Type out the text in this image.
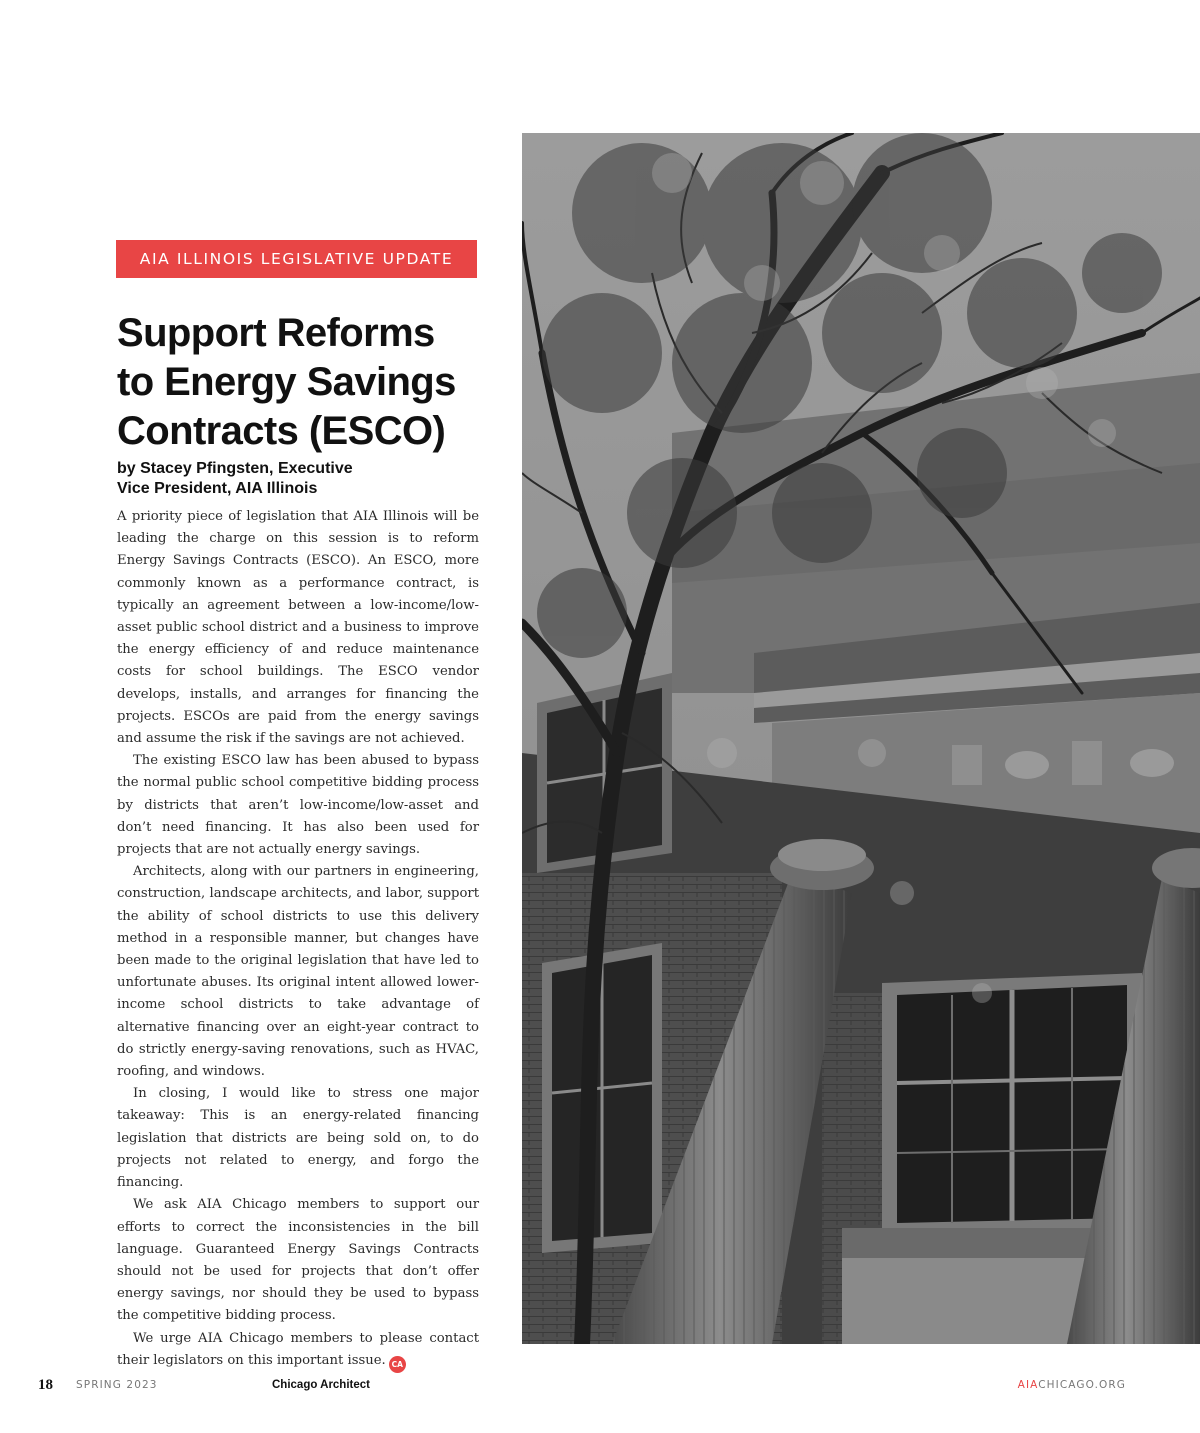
AIA ILLINOIS LEGISLATIVE UPDATE
Support Reforms
to Energy Savings
Contracts (ESCO)
by Stacey Pfingsten, Executive
Vice President, AIA Illinois

A priority piece of legislation that AIA Illinois will be leading the charge on this session is to reform Energy Savings Contracts (ESCO). An ESCO, more commonly known as a performance contract, is typically an agreement between a low-income/low-asset public school district and a business to improve the energy efficiency of and reduce maintenance costs for school buildings. The ESCO vendor develops, installs, and arranges for financing the projects. ESCOs are paid from the energy savings and assume the risk if the savings are not achieved.

The existing ESCO law has been abused to bypass the normal public school competitive bidding process by districts that aren’t low-income/low-asset and don’t need financing. It has also been used for projects that are not actually energy savings.

Architects, along with our partners in engineering, construction, landscape architects, and labor, support the ability of school districts to use this delivery method in a responsible manner, but changes have been made to the original legislation that have led to unfortunate abuses. Its original intent allowed lower-income school districts to take advantage of alternative financing over an eight-year contract to do strictly energy-saving renovations, such as HVAC, roofing, and windows.

In closing, I would like to stress one major takeaway: This is an energy-related financing legislation that districts are being sold on, to do projects not related to energy, and forgo the financing.

We ask AIA Chicago members to support our efforts to correct the inconsistencies in the bill language. Guaranteed Energy Savings Contracts should not be used for projects that don’t offer energy savings, nor should they be used to bypass the competitive bidding process.

We urge AIA Chicago members to please contact their legislators on this important issue. CA

18 SPRING 2023	Chicago Architect	AIACHICAGO.ORG
